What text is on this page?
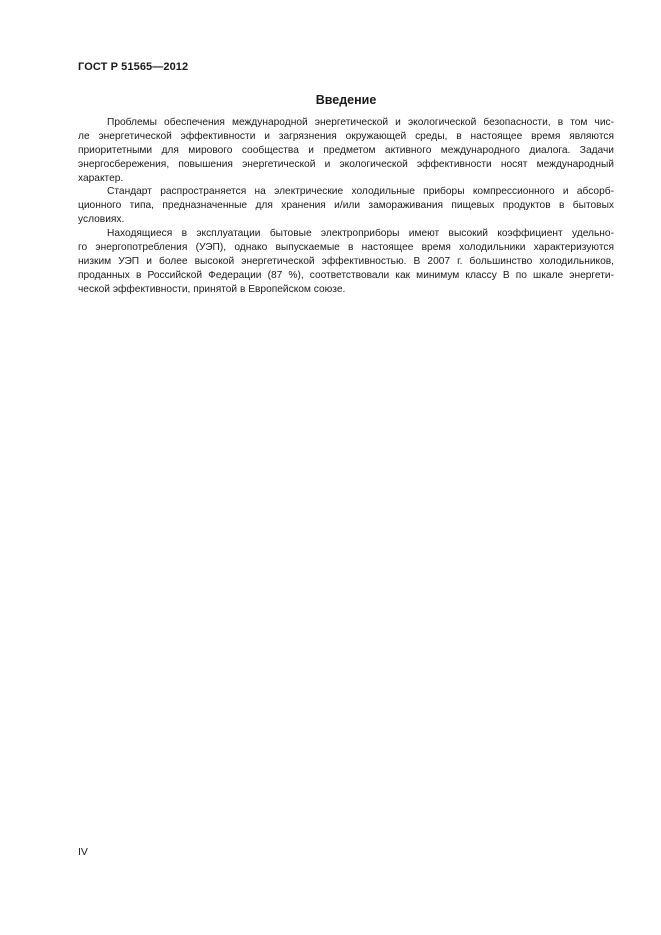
ГОСТ Р 51565—2012
Введение
Проблемы обеспечения международной энергетической и экологической безопасности, в том чис-
ле энергетической эффективности и загрязнения окружающей среды, в настоящее время являются
приоритетными для мирового сообщества и предметом активного международного диалога. Задачи
энергосбережения, повышения энергетической и экологической эффективности носят международный
характер.
Стандарт распространяется на электрические холодильные приборы компрессионного и абсорб-
ционного типа, предназначенные для хранения и/или замораживания пищевых продуктов в бытовых
условиях.
Находящиеся в эксплуатации бытовые электроприборы имеют высокий коэффициент удельно-
го энергопотребления (УЭП), однако выпускаемые в настоящее время холодильники характеризуются
низким УЭП и более высокой энергетической эффективностью. В 2007 г. большинство холодильников,
проданных в Российской Федерации (87 %), соответствовали как минимум классу В по шкале энергети-
ческой эффективности, принятой в Европейском союзе.
IV
